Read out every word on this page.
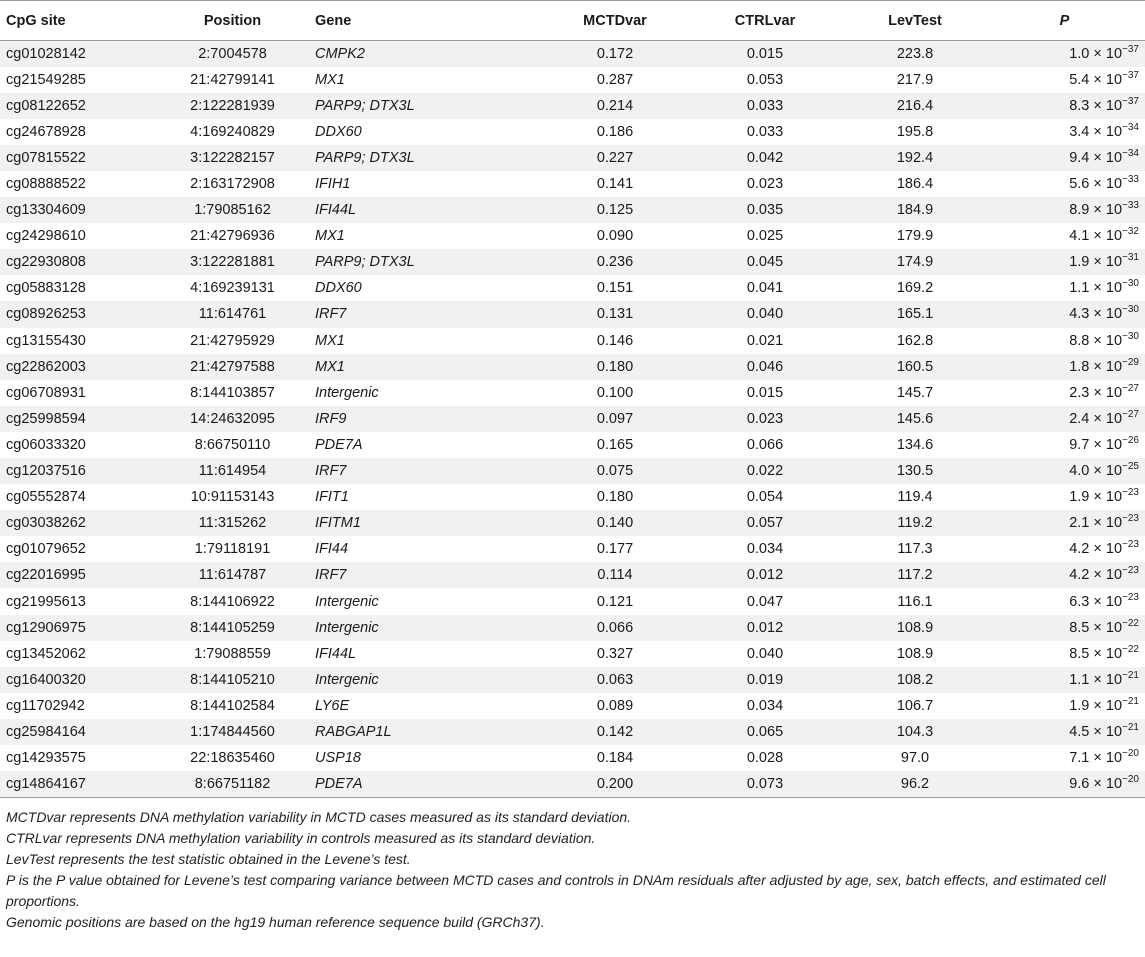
CpG site	Position	Gene	MCTDvar	CTRLvar	LevTest	P
cg01028142	2:7004578	CMPK2	0.172	0.015	223.8	$1.0 \times 10^{-37}$
cg21549285	21:42799141	MX1	0.287	0.053	217.9	$5.4 \times 10^{-37}$
cg08122652	2:122281939	PARP9; DTX3L	0.214	0.033	216.4	$8.3 \times 10^{-37}$
cg24678928	4:169240829	DDX60	0.186	0.033	195.8	$3.4 \times 10^{-34}$
cg07815522	3:122282157	PARP9; DTX3L	0.227	0.042	192.4	$9.4 \times 10^{-34}$
cg08888522	2:163172908	IFIH1	0.141	0.023	186.4	$5.6 \times 10^{-33}$
cg13304609	1:79085162	IFI44L	0.125	0.035	184.9	$8.9 \times 10^{-33}$
cg24298610	21:42796936	MX1	0.090	0.025	179.9	$4.1 \times 10^{-32}$
cg22930808	3:122281881	PARP9; DTX3L	0.236	0.045	174.9	$1.9 \times 10^{-31}$
cg05883128	4:169239131	DDX60	0.151	0.041	169.2	$1.1 \times 10^{-30}$
cg08926253	11:614761	IRF7	0.131	0.040	165.1	$4.3 \times 10^{-30}$
cg13155430	21:42795929	MX1	0.146	0.021	162.8	$8.8 \times 10^{-30}$
cg22862003	21:42797588	MX1	0.180	0.046	160.5	$1.8 \times 10^{-29}$
cg06708931	8:144103857	Intergenic	0.100	0.015	145.7	$2.3 \times 10^{-27}$
cg25998594	14:24632095	IRF9	0.097	0.023	145.6	$2.4 \times 10^{-27}$
cg06033320	8:66750110	PDE7A	0.165	0.066	134.6	$9.7 \times 10^{-26}$
cg12037516	11:614954	IRF7	0.075	0.022	130.5	$4.0 \times 10^{-25}$
cg05552874	10:91153143	IFIT1	0.180	0.054	119.4	$1.9 \times 10^{-23}$
cg03038262	11:315262	IFITM1	0.140	0.057	119.2	$2.1 \times 10^{-23}$
cg01079652	1:79118191	IFI44	0.177	0.034	117.3	$4.2 \times 10^{-23}$
cg22016995	11:614787	IRF7	0.114	0.012	117.2	$4.2 \times 10^{-23}$
cg21995613	8:144106922	Intergenic	0.121	0.047	116.1	$6.3 \times 10^{-23}$
cg12906975	8:144105259	Intergenic	0.066	0.012	108.9	$8.5 \times 10^{-22}$
cg13452062	1:79088559	IFI44L	0.327	0.040	108.9	$8.5 \times 10^{-22}$
cg16400320	8:144105210	Intergenic	0.063	0.019	108.2	$1.1 \times 10^{-21}$
cg11702942	8:144102584	LY6E	0.089	0.034	106.7	$1.9 \times 10^{-21}$
cg25984164	1:174844560	RABGAP1L	0.142	0.065	104.3	$4.5 \times 10^{-21}$
cg14293575	22:18635460	USP18	0.184	0.028	97.0	$7.1 \times 10^{-20}$
cg14864167	8:66751182	PDE7A	0.200	0.073	96.2	$9.6 \times 10^{-20}$

MCTDvar represents DNA methylation variability in MCTD cases measured as its standard deviation.

CTRLvar represents DNA methylation variability in controls measured as its standard deviation.

LevTest represents the test statistic obtained in the Levene’s test.

P is the P value obtained for Levene’s test comparing variance between MCTD cases and controls in DNAm residuals after adjusted by age, sex, batch effects, and estimated cell proportions.

Genomic positions are based on the hg19 human reference sequence build (GRCh37).
